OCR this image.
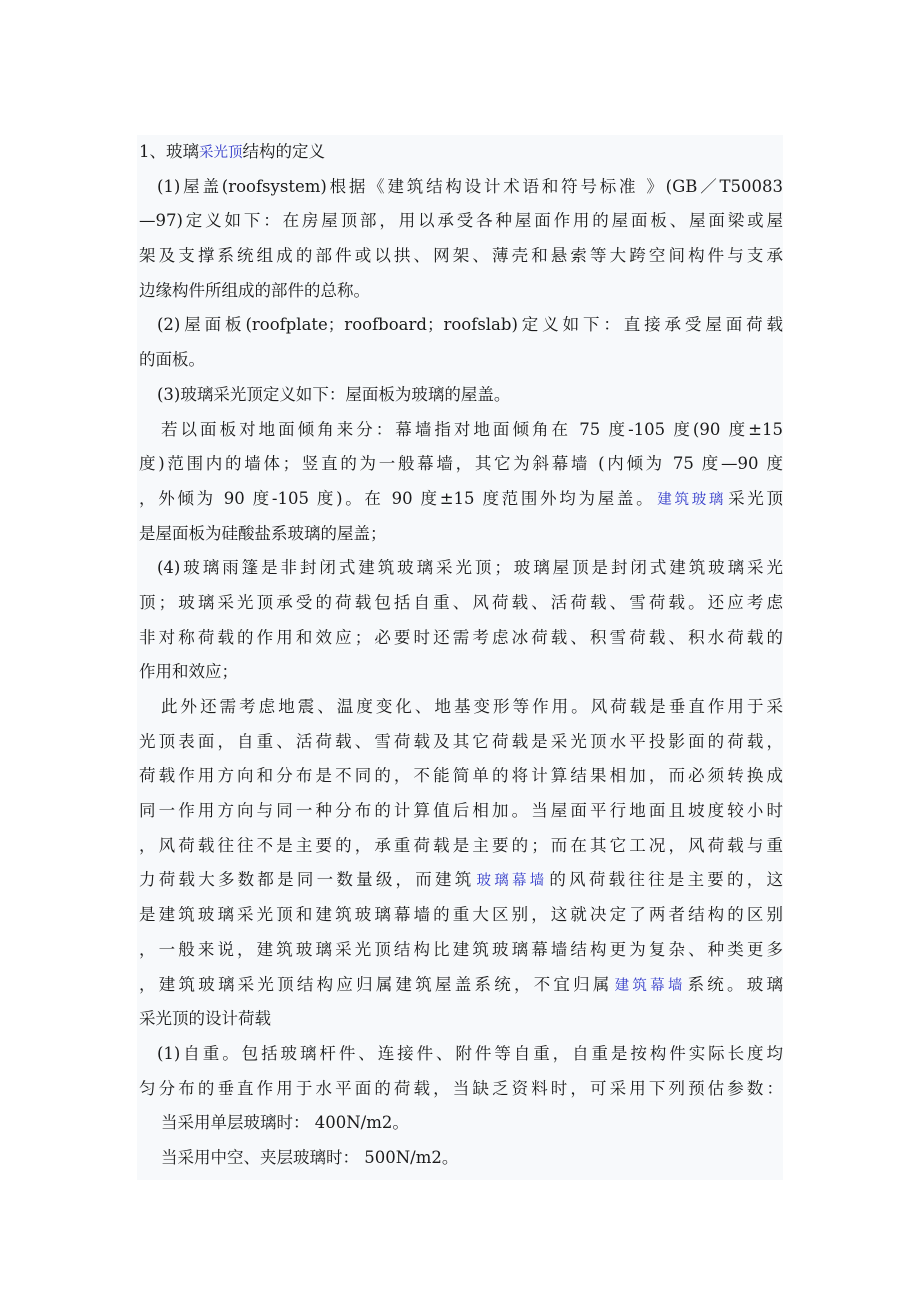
1、玻璃采光顶结构的定义
(1)屋盖(roofsystem)根据《建筑结构设计术语和符号标准 》(GB／T50083
—97)定义如下：在房屋顶部，用以承受各种屋面作用的屋面板、屋面梁或屋
架及支撑系统组成的部件或以拱、网架、薄壳和悬索等大跨空间构件与支承
边缘构件所组成的部件的总称。
(2)屋面板(roofplate；roofboard；roofslab)定义如下：直接承受屋面荷载
的面板。
(3)玻璃采光顶定义如下：屋面板为玻璃的屋盖。
若以面板对地面倾角来分：幕墙指对地面倾角在 75 度-105 度(90 度±15
度)范围内的墙体；竖直的为一般幕墙，其它为斜幕墙 (内倾为 75 度—90 度
，外倾为 90 度-105 度)。在 90 度±15 度范围外均为屋盖。 建筑玻璃 采光顶
是屋面板为硅酸盐系玻璃的屋盖；
(4)玻璃雨篷是非封闭式建筑玻璃采光顶；玻璃屋顶是封闭式建筑玻璃采光
顶；玻璃采光顶承受的荷载包括自重、风荷载、活荷载、雪荷载。还应考虑
非对称荷载的作用和效应；必要时还需考虑冰荷载、积雪荷载、积水荷载的
作用和效应；
此外还需考虑地震、温度变化、地基变形等作用。风荷载是垂直作用于采
光顶表面，自重、活荷载、雪荷载及其它荷载是采光顶水平投影面的荷载，
荷载作用方向和分布是不同的，不能简单的将计算结果相加，而必须转换成
同一作用方向与同一种分布的计算值后相加。当屋面平行地面且坡度较小时
，风荷载往往不是主要的，承重荷载是主要的；而在其它工况，风荷载与重
力荷载大多数都是同一数量级，而建筑 玻璃幕墙 的风荷载往往是主要的，这
是建筑玻璃采光顶和建筑玻璃幕墙的重大区别，这就决定了两者结构的区别
，一般来说，建筑玻璃采光顶结构比建筑玻璃幕墙结构更为复杂、种类更多
，建筑玻璃采光顶结构应归属建筑屋盖系统，不宜归属 建筑幕墙 系统。玻璃
采光顶的设计荷载
(1)自重。包括玻璃杆件、连接件、附件等自重，自重是按构件实际长度均
匀分布的垂直作用于水平面的荷载，当缺乏资料时，可采用下列预估参数：
当采用单层玻璃时： 400N/m2。
当采用中空、夹层玻璃时： 500N/m2。
